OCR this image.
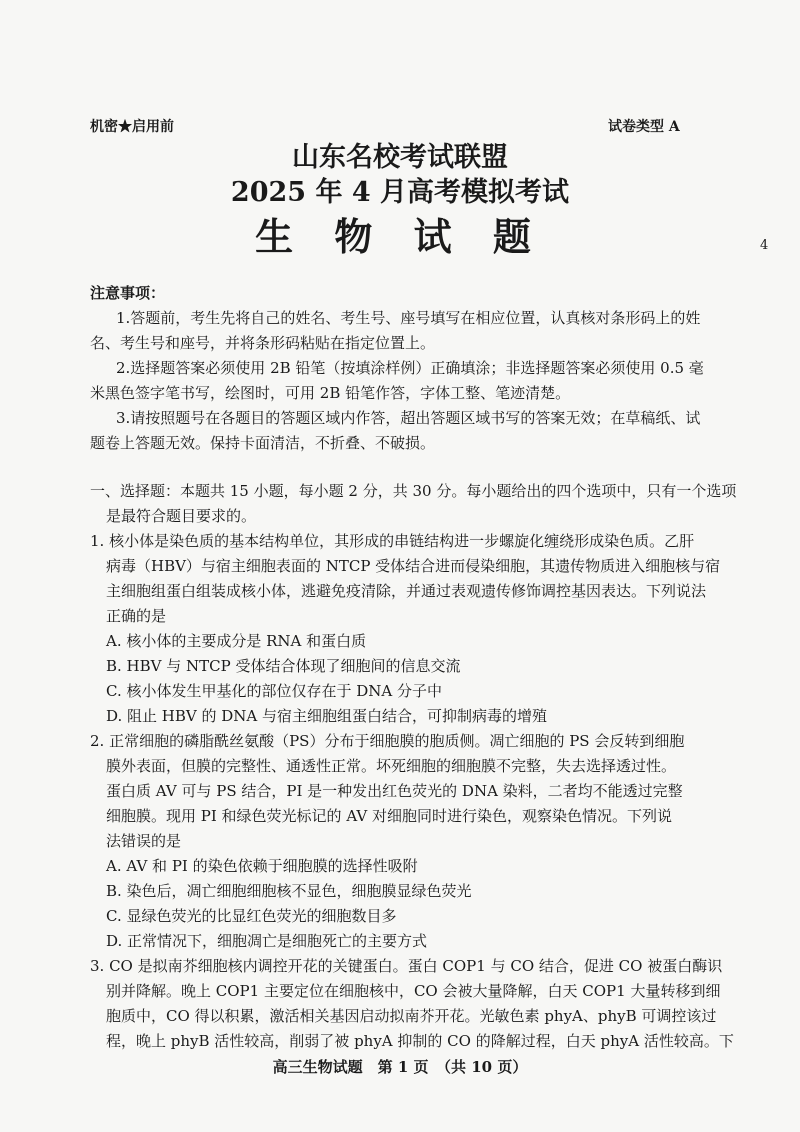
机密★启用前	试卷类型 A
山东名校考试联盟
2025 年 4 月高考模拟考试
生 物 试 题	4

注意事项：

1.答题前，考生先将自己的姓名、考生号、座号填写在相应位置，认真核对条形码上的姓

名、考生号和座号，并将条形码粘贴在指定位置上。

2.选择题答案必须使用 2B 铅笔（按填涂样例）正确填涂；非选择题答案必须使用 0.5 毫

米黑色签字笔书写，绘图时，可用 2B 铅笔作答，字体工整、笔迹清楚。

3.请按照题号在各题目的答题区域内作答，超出答题区域书写的答案无效；在草稿纸、试

题卷上答题无效。保持卡面清洁，不折叠、不破损。

一、选择题：本题共 15 小题，每小题 2 分，共 30 分。每小题给出的四个选项中，只有一个选项

是最符合题目要求的。

1. 核小体是染色质的基本结构单位，其形成的串链结构进一步螺旋化缠绕形成染色质。乙肝

病毒（HBV）与宿主细胞表面的 NTCP 受体结合进而侵染细胞，其遗传物质进入细胞核与宿

主细胞组蛋白组装成核小体，逃避免疫清除，并通过表观遗传修饰调控基因表达。下列说法

正确的是

A. 核小体的主要成分是 RNA 和蛋白质

B. HBV 与 NTCP 受体结合体现了细胞间的信息交流

C. 核小体发生甲基化的部位仅存在于 DNA 分子中

D. 阻止 HBV 的 DNA 与宿主细胞组蛋白结合，可抑制病毒的增殖

2. 正常细胞的磷脂酰丝氨酸（PS）分布于细胞膜的胞质侧。凋亡细胞的 PS 会反转到细胞

膜外表面，但膜的完整性、通透性正常。坏死细胞的细胞膜不完整，失去选择透过性。

蛋白质 AV 可与 PS 结合，PI 是一种发出红色荧光的 DNA 染料，二者均不能透过完整

细胞膜。现用 PI 和绿色荧光标记的 AV 对细胞同时进行染色，观察染色情况。下列说

法错误的是

A. AV 和 PI 的染色依赖于细胞膜的选择性吸附

B. 染色后，凋亡细胞细胞核不显色，细胞膜显绿色荧光

C. 显绿色荧光的比显红色荧光的细胞数目多

D. 正常情况下，细胞凋亡是细胞死亡的主要方式

3. CO 是拟南芥细胞核内调控开花的关键蛋白。蛋白 COP1 与 CO 结合，促进 CO 被蛋白酶识

别并降解。晚上 COP1 主要定位在细胞核中，CO 会被大量降解，白天 COP1 大量转移到细

胞质中，CO 得以积累，激活相关基因启动拟南芥开花。光敏色素 phyA、phyB 可调控该过

程，晚上 phyB 活性较高，削弱了被 phyA 抑制的 CO 的降解过程，白天 phyA 活性较高。下

高三生物试题　第 1 页　（共 10 页）
